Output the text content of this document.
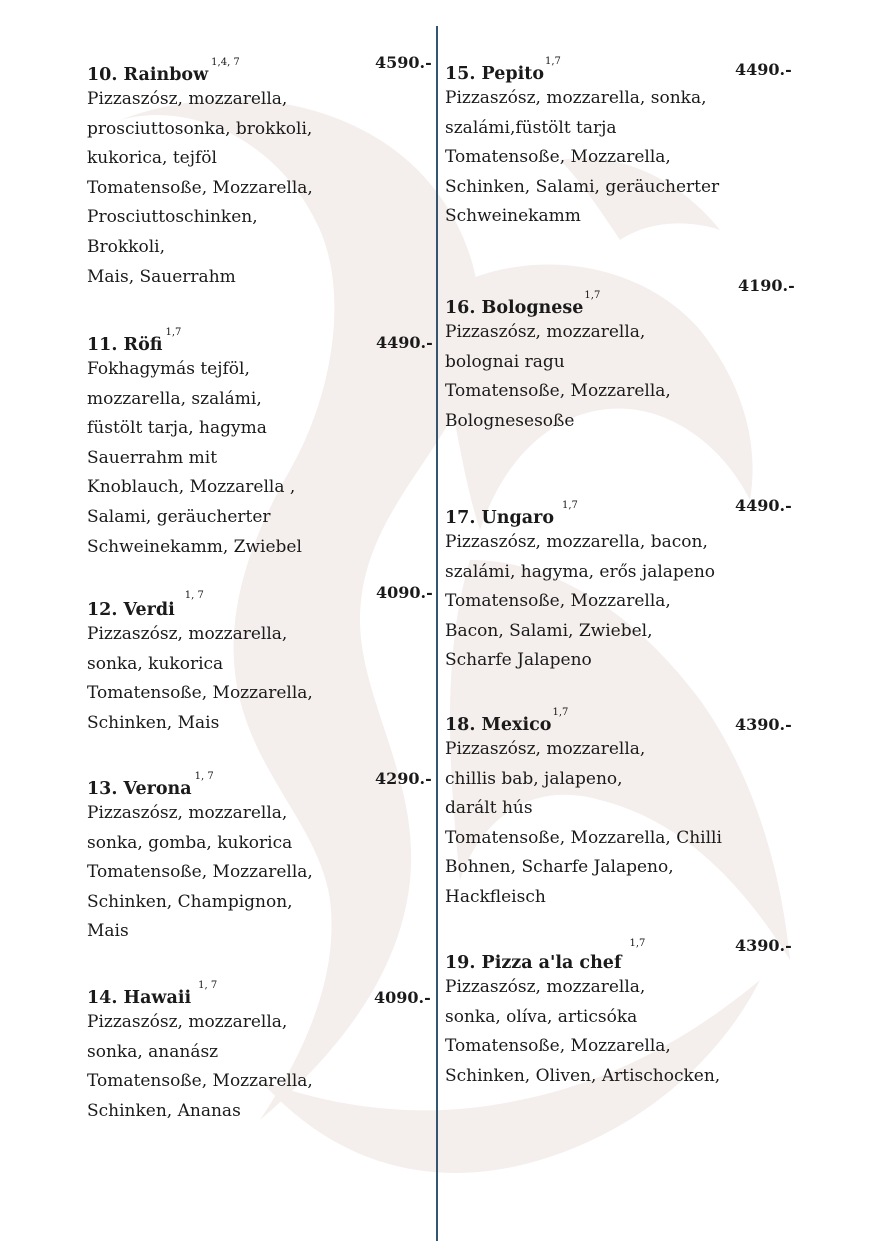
10. Rainbow$^{1,4, 7}$	4590.-
Pizzaszósz, mozzarella,
prosciuttosonka, brokkoli,
kukorica, tejföl
Tomatensoße, Mozzarella,
Prosciuttoschinken,
Brokkoli,
Mais, Sauerrahm
11. Röfi$^{1,7}$
4490.-
Fokhagymás tejföl,
mozzarella, szalámi,
füstölt tarja, hagyma
Sauerrahm mit
Knoblauch, Mozzarella ,
Salami, geräucherter
Schweinekamm, Zwiebel
12. Verdi$^{1, 7}$	4090.-
Pizzaszósz, mozzarella,
sonka, kukorica
Tomatensoße, Mozzarella,
Schinken, Mais
13. Verona$^{1, 7}$	4290.-
Pizzaszósz, mozzarella,
sonka, gomba, kukorica
Tomatensoße, Mozzarella,
Schinken, Champignon,
Mais
14. Hawaii$^{1, 7}$
4090.-
Pizzaszósz, mozzarella,
sonka, ananász
Tomatensoße, Mozzarella,
Schinken, Ananas
15. Pepito$^{1,7}$	4490.-
Pizzaszósz, mozzarella, sonka,
szalámi,füstölt tarja
Tomatensoße, Mozzarella,
Schinken, Salami, geräucherter
Schweinekamm
16. Bolognese$^{1,7}$
4190.-
Pizzaszósz, mozzarella,
bolognai ragu
Tomatensoße, Mozzarella,
Bolognesesoße
17. Ungaro$^{1,7}$	4490.-
Pizzaszósz, mozzarella, bacon,
szalámi, hagyma, erős jalapeno
Tomatensoße, Mozzarella,
Bacon, Salami, Zwiebel,
Scharfe Jalapeno
18. Mexico$^{1,7}$
4390.-
Pizzaszósz, mozzarella,
chillis bab, jalapeno,
darált hús
Tomatensoße, Mozzarella, Chilli
Bohnen, Scharfe Jalapeno,
Hackfleisch
19. Pizza a'la chef$^{1,7}$	4390.-
Pizzaszósz, mozzarella,
sonka, olíva, articsóka
Tomatensoße, Mozzarella,
Schinken, Oliven, Artischocken,
